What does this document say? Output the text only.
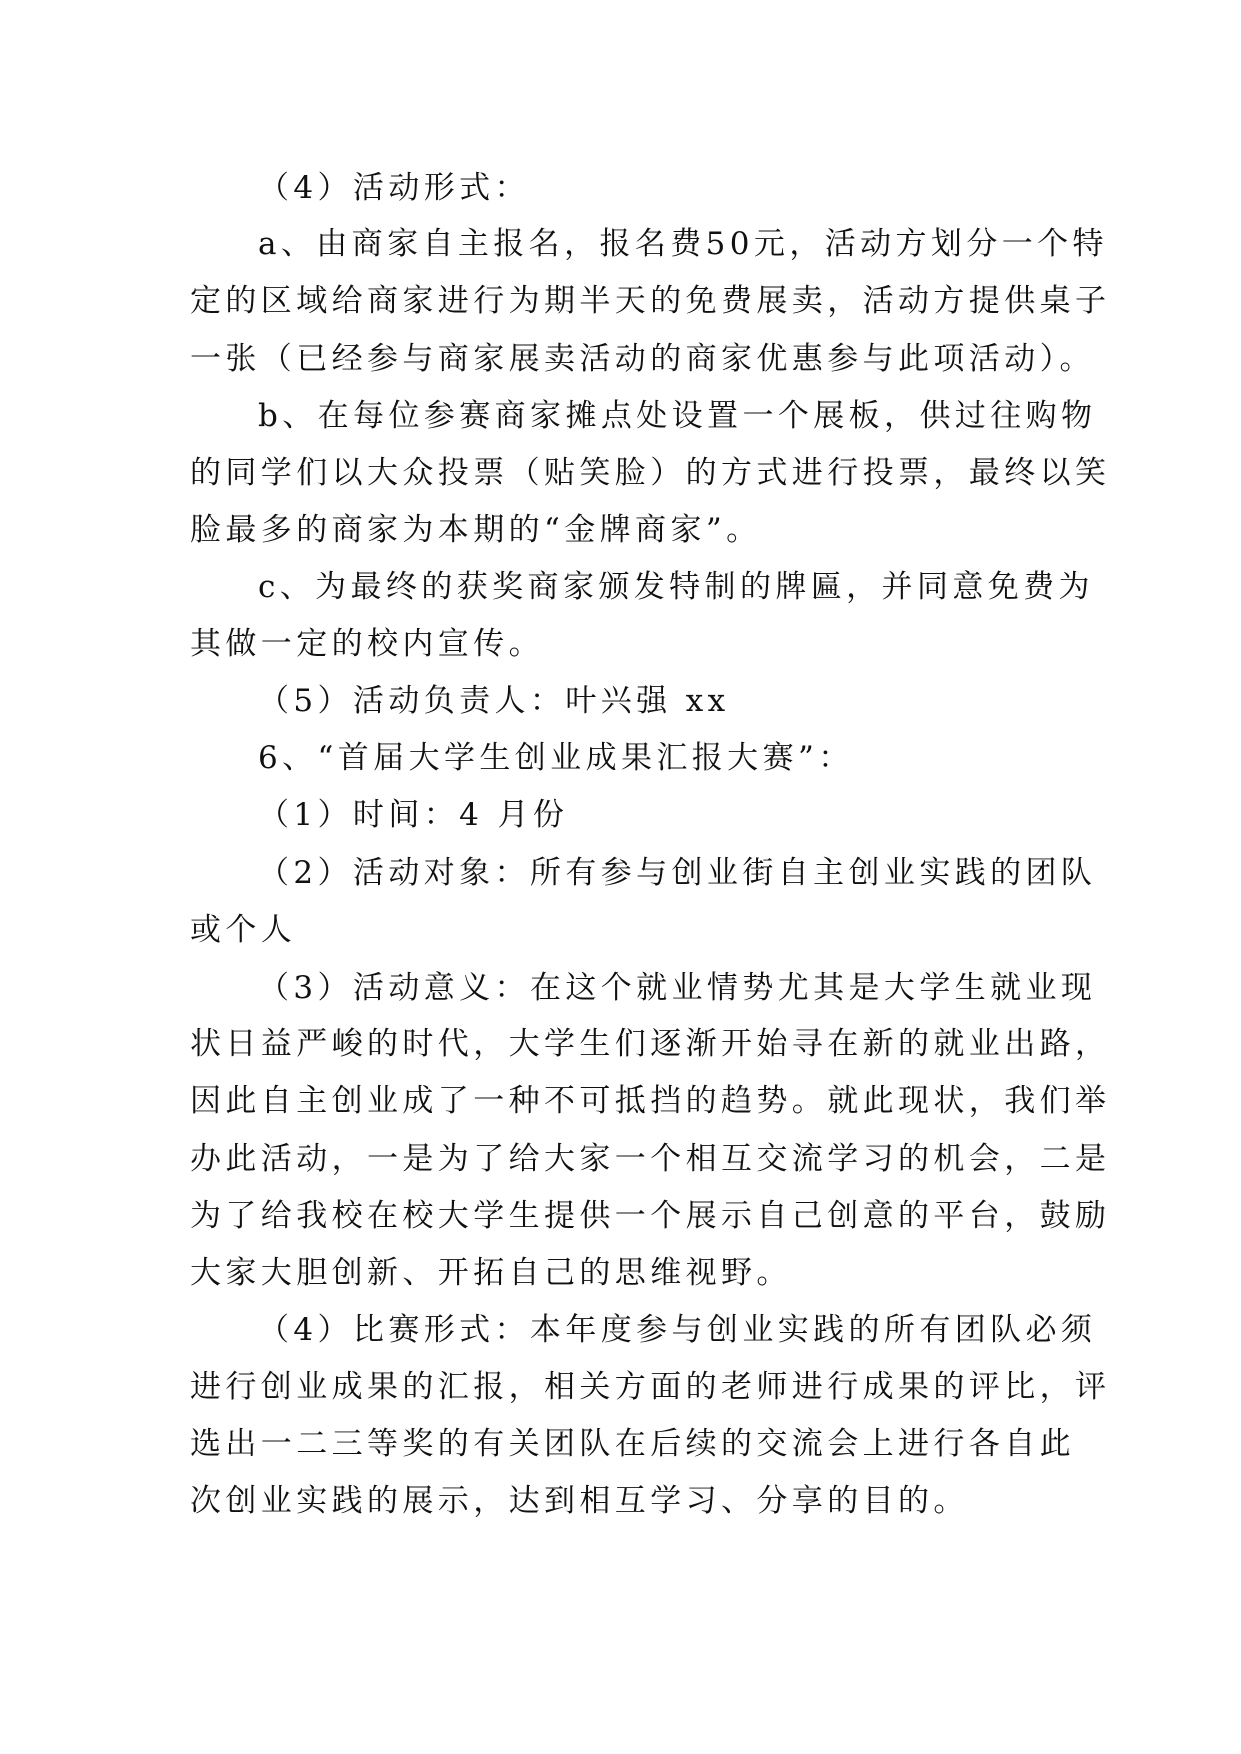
（4）活动形式：
a、由商家自主报名，报名费50元，活动方划分一个特
定的区域给商家进行为期半天的免费展卖，活动方提供桌子
一张（已经参与商家展卖活动的商家优惠参与此项活动）。
b、在每位参赛商家摊点处设置一个展板，供过往购物
的同学们以大众投票（贴笑脸）的方式进行投票，最终以笑
脸最多的商家为本期的“金牌商家”。
c、为最终的获奖商家颁发特制的牌匾，并同意免费为
其做一定的校内宣传。
（5）活动负责人：叶兴强 xx
6、“首届大学生创业成果汇报大赛”：
（1）时间：4 月份
（2）活动对象：所有参与创业街自主创业实践的团队
或个人
（3）活动意义：在这个就业情势尤其是大学生就业现
状日益严峻的时代，大学生们逐渐开始寻在新的就业出路，
因此自主创业成了一种不可抵挡的趋势。就此现状，我们举
办此活动，一是为了给大家一个相互交流学习的机会，二是
为了给我校在校大学生提供一个展示自己创意的平台，鼓励
大家大胆创新、开拓自己的思维视野。
（4）比赛形式：本年度参与创业实践的所有团队必须
进行创业成果的汇报，相关方面的老师进行成果的评比，评
选出一二三等奖的有关团队在后续的交流会上进行各自此
次创业实践的展示，达到相互学习、分享的目的。
